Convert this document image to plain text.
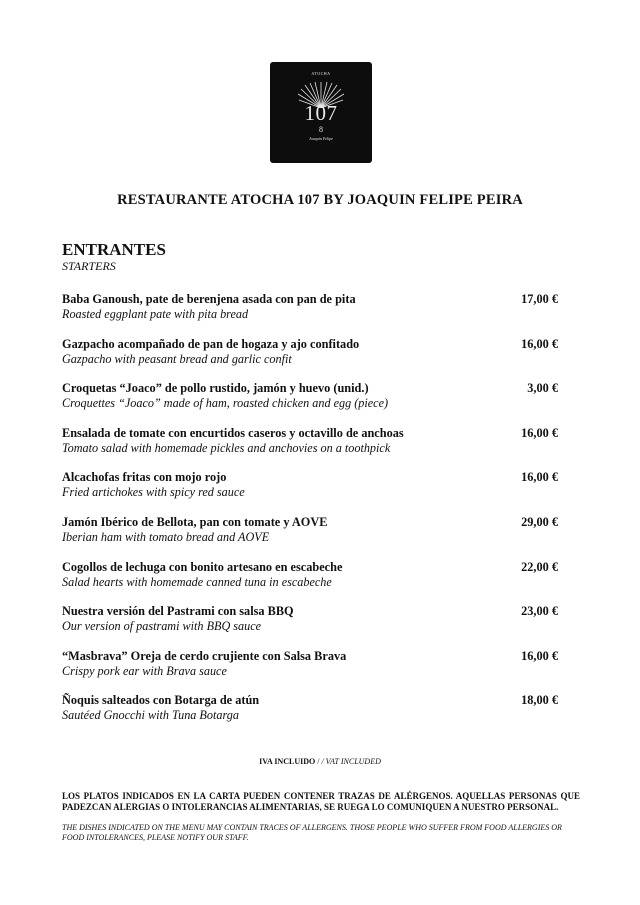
ATOCHA
107
8
Joaquin Felipe
RESTAURANTE ATOCHA 107 BY JOAQUIN FELIPE PEIRA
ENTRANTES
STARTERS
Baba Ganoush, pate de berenjena asada con pan de pita
Roasted eggplant pate with pita bread
17,00 €
Gazpacho acompañado de pan de hogaza y ajo confitado
Gazpacho with peasant bread and garlic confit
16,00 €
Croquetas “Joaco” de pollo rustido, jamón y huevo (unid.)
Croquettes “Joaco” made of ham, roasted chicken and egg (piece)
3,00 €
Ensalada de tomate con encurtidos caseros y octavillo de anchoas
Tomato salad with homemade pickles and anchovies on a toothpick
16,00 €
Alcachofas fritas con mojo rojo
Fried artichokes with spicy red sauce
16,00 €
Jamón Ibérico de Bellota, pan con tomate y AOVE
Iberian ham with tomato bread and AOVE
29,00 €
Cogollos de lechuga con bonito artesano en escabeche
Salad hearts with homemade canned tuna in escabeche
22,00 €
Nuestra versión del Pastrami con salsa BBQ
Our version of pastrami with BBQ sauce
23,00 €
“Masbrava” Oreja de cerdo crujiente con Salsa Brava
Crispy pork ear with Brava sauce
16,00 €
Ñoquis salteados con Botarga de atún
Sautéed Gnocchi with Tuna Botarga
18,00 €
IVA INCLUIDO / / VAT INCLUDED
LOS PLATOS INDICADOS EN LA CARTA PUEDEN CONTENER TRAZAS DE ALÉRGENOS. AQUELLAS PERSONAS QUE PADEZCAN ALERGIAS O INTOLERANCIAS ALIMENTARIAS, SE RUEGA LO COMUNIQUEN A NUESTRO PERSONAL.
THE DISHES INDICATED ON THE MENU MAY CONTAIN TRACES OF ALLERGENS. THOSE PEOPLE WHO SUFFER FROM FOOD ALLERGIES OR FOOD INTOLERANCES, PLEASE NOTIFY OUR STAFF.
